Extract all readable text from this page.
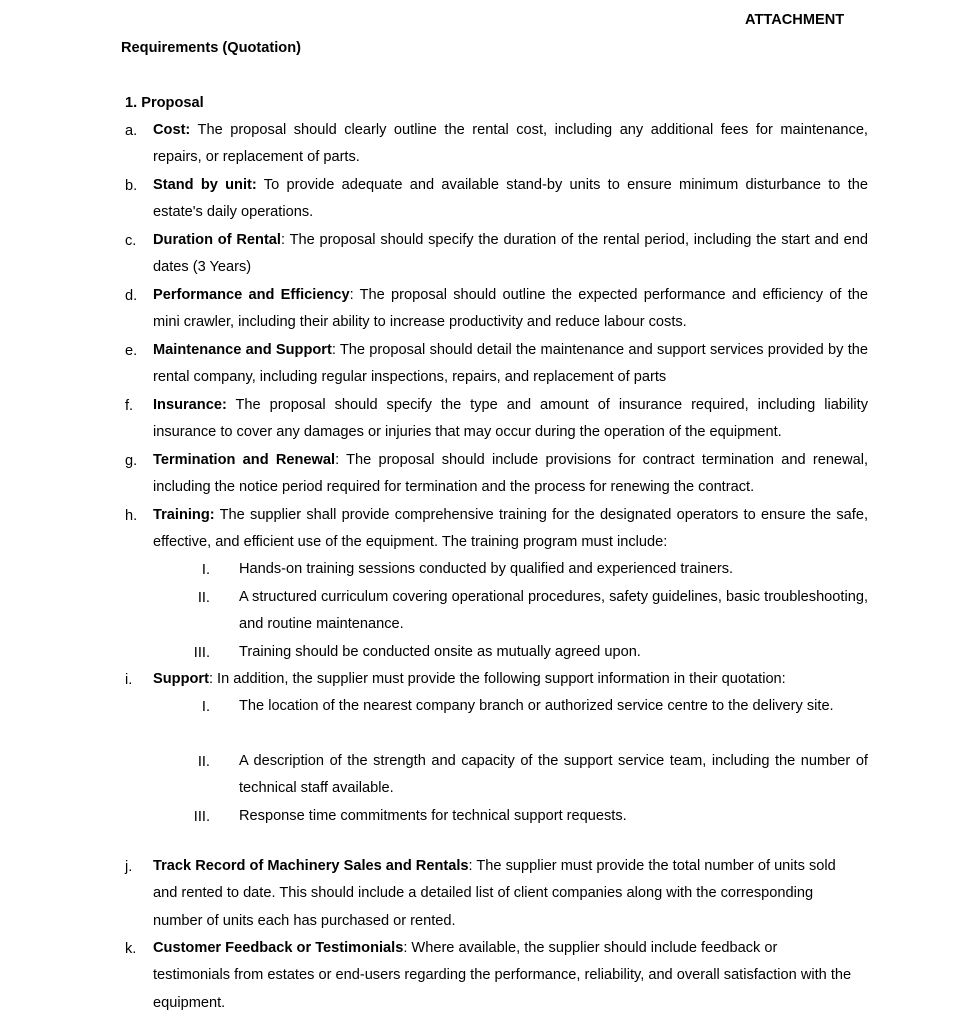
ATTACHMENT
Requirements (Quotation)
1. Proposal
a. Cost: The proposal should clearly outline the rental cost, including any additional fees for maintenance, repairs, or replacement of parts.
b. Stand by unit: To provide adequate and available stand-by units to ensure minimum disturbance to the estate's daily operations.
c. Duration of Rental: The proposal should specify the duration of the rental period, including the start and end dates (3 Years)
d. Performance and Efficiency: The proposal should outline the expected performance and efficiency of the mini crawler, including their ability to increase productivity and reduce labour costs.
e. Maintenance and Support: The proposal should detail the maintenance and support services provided by the rental company, including regular inspections, repairs, and replacement of parts
f. Insurance: The proposal should specify the type and amount of insurance required, including liability insurance to cover any damages or injuries that may occur during the operation of the equipment.
g. Termination and Renewal: The proposal should include provisions for contract termination and renewal, including the notice period required for termination and the process for renewing the contract.
h. Training: The supplier shall provide comprehensive training for the designated operators to ensure the safe, effective, and efficient use of the equipment. The training program must include:
I. Hands-on training sessions conducted by qualified and experienced trainers.
II. A structured curriculum covering operational procedures, safety guidelines, basic troubleshooting, and routine maintenance.
III. Training should be conducted onsite as mutually agreed upon.
i. Support: In addition, the supplier must provide the following support information in their quotation:
I. The location of the nearest company branch or authorized service centre to the delivery site.
II. A description of the strength and capacity of the support service team, including the number of technical staff available.
III. Response time commitments for technical support requests.
j. Track Record of Machinery Sales and Rentals: The supplier must provide the total number of units sold and rented to date. This should include a detailed list of client companies along with the corresponding number of units each has purchased or rented.
k. Customer Feedback or Testimonials: Where available, the supplier should include feedback or testimonials from estates or end-users regarding the performance, reliability, and overall satisfaction with the equipment.
